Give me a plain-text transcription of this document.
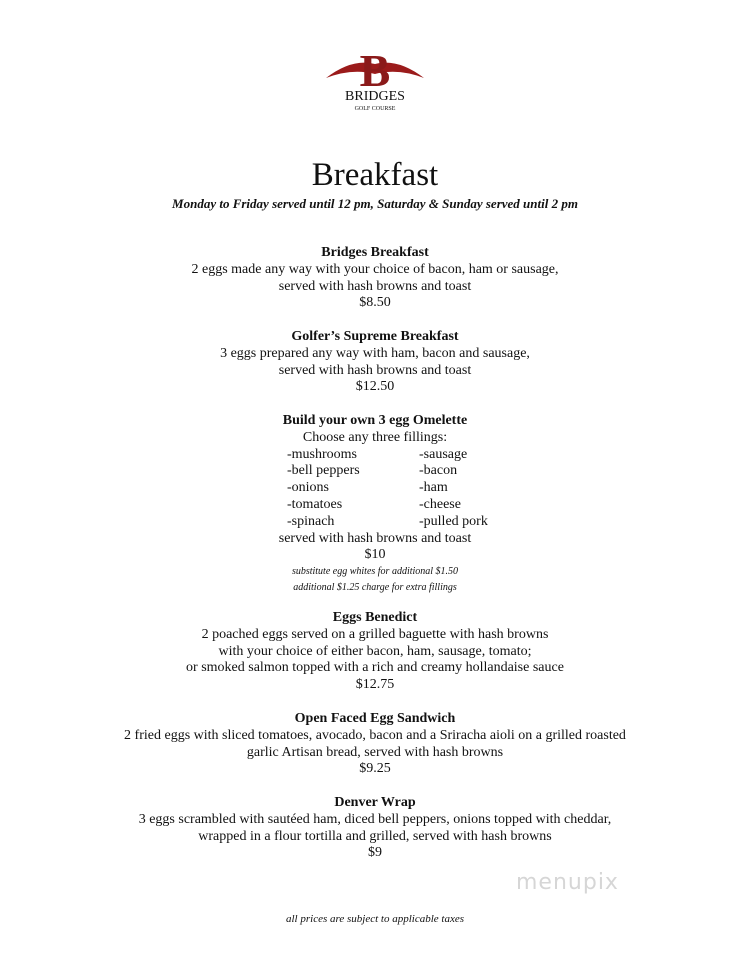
B
BRIDGES
GOLF COURSE
Breakfast
Monday to Friday served until 12 pm, Saturday & Sunday served until 2 pm
Bridges Breakfast
2 eggs made any way with your choice of bacon, ham or sausage,
served with hash browns and toast
$8.50
Golfer’s Supreme Breakfast
3 eggs prepared any way with ham, bacon and sausage,
served with hash browns and toast
$12.50
Build your own 3 egg Omelette
Choose any three fillings:
-mushrooms
-bell peppers
-onions
-tomatoes
-spinach
-sausage
-bacon
-ham
-cheese
-pulled pork
served with hash browns and toast
$10
substitute egg whites for additional $1.50
additional $1.25 charge for extra fillings
Eggs Benedict
2 poached eggs served on a grilled baguette with hash browns
with your choice of either bacon, ham, sausage, tomato;
or smoked salmon topped with a rich and creamy hollandaise sauce
$12.75
Open Faced Egg Sandwich
2 fried eggs with sliced tomatoes, avocado, bacon and a Sriracha aioli on a grilled roasted
garlic Artisan bread, served with hash browns
$9.25
Denver Wrap
3 eggs scrambled with sautéed ham, diced bell peppers, onions topped with cheddar,
wrapped in a flour tortilla and grilled, served with hash browns
$9
menupix
all prices are subject to applicable taxes
